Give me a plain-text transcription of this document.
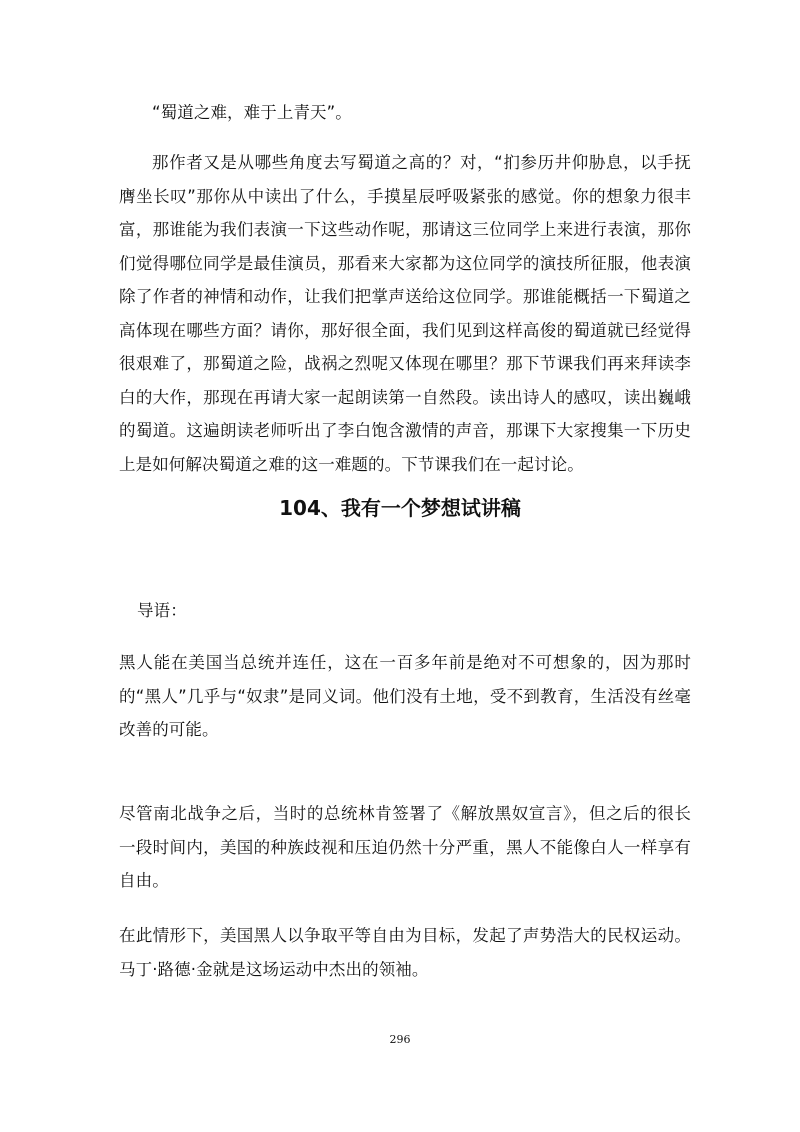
“蜀道之难，难于上青天”。

那作者又是从哪些角度去写蜀道之高的？对，“扪参历井仰胁息，以手抚膺坐长叹”那你从中读出了什么，手摸星辰呼吸紧张的感觉。你的想象力很丰富，那谁能为我们表演一下这些动作呢，那请这三位同学上来进行表演，那你们觉得哪位同学是最佳演员，那看来大家都为这位同学的演技所征服，他表演除了作者的神情和动作，让我们把掌声送给这位同学。那谁能概括一下蜀道之高体现在哪些方面？请你，那好很全面，我们见到这样高俊的蜀道就已经觉得很艰难了，那蜀道之险，战祸之烈呢又体现在哪里？那下节课我们再来拜读李白的大作，那现在再请大家一起朗读第一自然段。读出诗人的感叹，读出巍峨的蜀道。这遍朗读老师听出了李白饱含激情的声音，那课下大家搜集一下历史上是如何解决蜀道之难的这一难题的。下节课我们在一起讨论。

104、我有一个梦想试讲稿

导语：

黑人能在美国当总统并连任，这在一百多年前是绝对不可想象的，因为那时的“黑人”几乎与“奴隶”是同义词。他们没有土地，受不到教育，生活没有丝毫改善的可能。

尽管南北战争之后，当时的总统林肯签署了《解放黑奴宣言》，但之后的很长一段时间内，美国的种族歧视和压迫仍然十分严重，黑人不能像白人一样享有自由。

在此情形下，美国黑人以争取平等自由为目标，发起了声势浩大的民权运动。马丁·路德·金就是这场运动中杰出的领袖。

296
